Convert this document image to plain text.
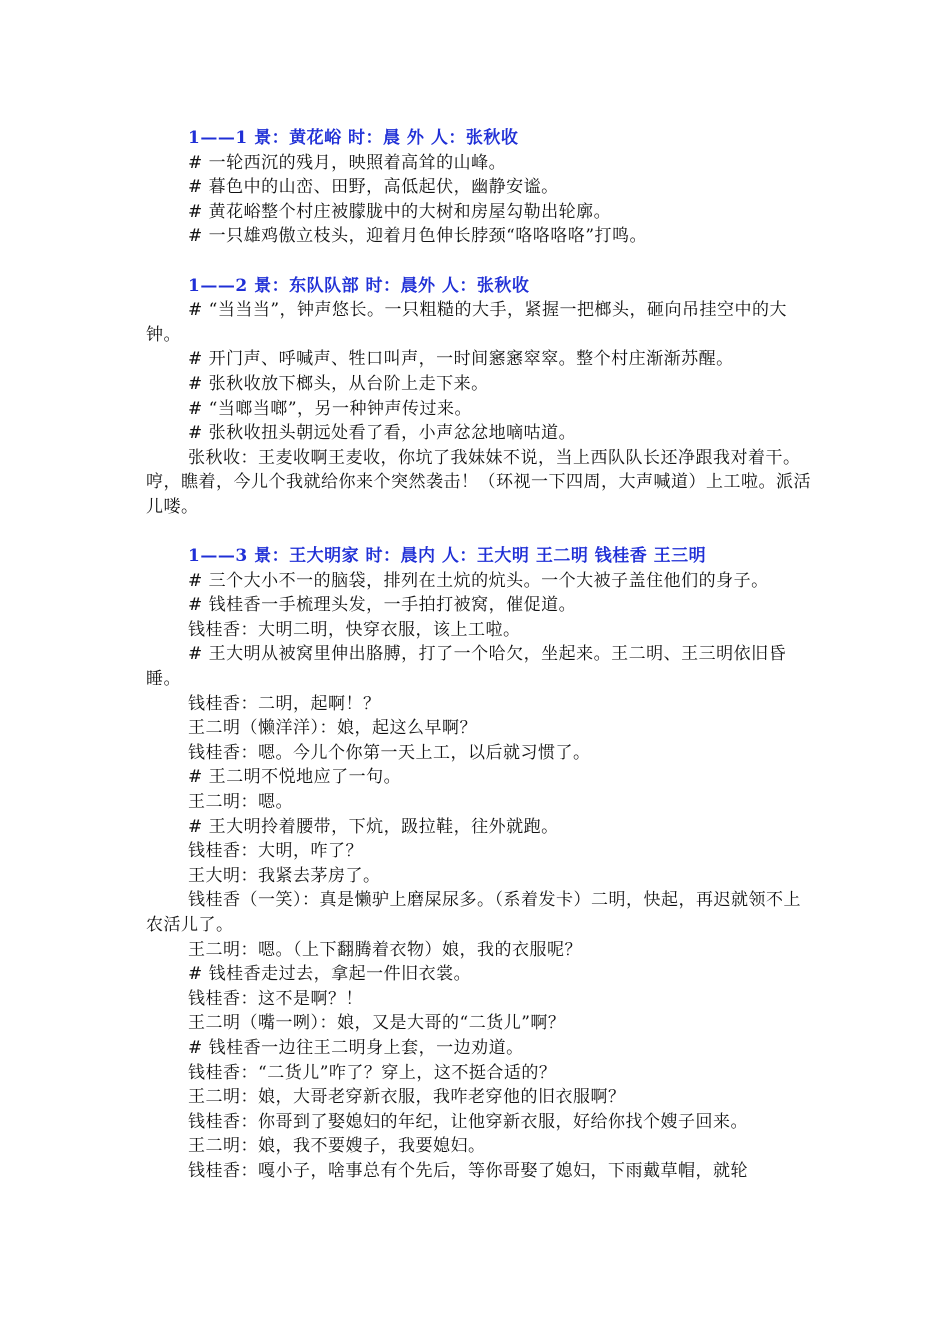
1——1 景：黄花峪 时：晨 外 人：张秋收

# 一轮西沉的残月，映照着高耸的山峰。

# 暮色中的山峦、田野，高低起伏，幽静安谧。

# 黄花峪整个村庄被朦胧中的大树和房屋勾勒出轮廓。

# 一只雄鸡傲立枝头，迎着月色伸长脖颈“咯咯咯咯”打鸣。

1——2 景：东队队部 时：晨外 人：张秋收

# “当当当”，钟声悠长。一只粗糙的大手，紧握一把榔头，砸向吊挂空中的大钟。

# 开门声、呼喊声、牲口叫声，一时间窸窸窣窣。整个村庄渐渐苏醒。

# 张秋收放下榔头，从台阶上走下来。

# “当啷当啷”，另一种钟声传过来。

# 张秋收扭头朝远处看了看，小声忿忿地嘀咕道。

张秋收：王麦收啊王麦收，你坑了我妹妹不说，当上西队队长还净跟我对着干。哼，瞧着，今儿个我就给你来个突然袭击！（环视一下四周，大声喊道）上工啦。派活儿喽。

1——3 景：王大明家 时：晨内 人：王大明 王二明 钱桂香 王三明

# 三个大小不一的脑袋，排列在土炕的炕头。一个大被子盖住他们的身子。

# 钱桂香一手梳理头发，一手拍打被窝，催促道。

钱桂香：大明二明，快穿衣服，该上工啦。

# 王大明从被窝里伸出胳膊，打了一个哈欠，坐起来。王二明、王三明依旧昏睡。

钱桂香：二明，起啊！？

王二明（懒洋洋）：娘，起这么早啊？

钱桂香：嗯。今儿个你第一天上工，以后就习惯了。

# 王二明不悦地应了一句。

王二明：嗯。

# 王大明拎着腰带，下炕，趿拉鞋，往外就跑。

钱桂香：大明，咋了？

王大明：我紧去茅房了。

钱桂香（一笑）：真是懒驴上磨屎尿多。（系着发卡）二明，快起，再迟就领不上农活儿了。

王二明：嗯。（上下翻腾着衣物）娘，我的衣服呢？

# 钱桂香走过去，拿起一件旧衣裳。

钱桂香：这不是啊？！

王二明（嘴一咧）：娘，又是大哥的“二货儿”啊？

# 钱桂香一边往王二明身上套，一边劝道。

钱桂香：“二货儿”咋了？穿上，这不挺合适的？

王二明：娘，大哥老穿新衣服，我咋老穿他的旧衣服啊？

钱桂香：你哥到了娶媳妇的年纪，让他穿新衣服，好给你找个嫂子回来。

王二明：娘，我不要嫂子，我要媳妇。

钱桂香：嘎小子，啥事总有个先后，等你哥娶了媳妇，下雨戴草帽，就轮
